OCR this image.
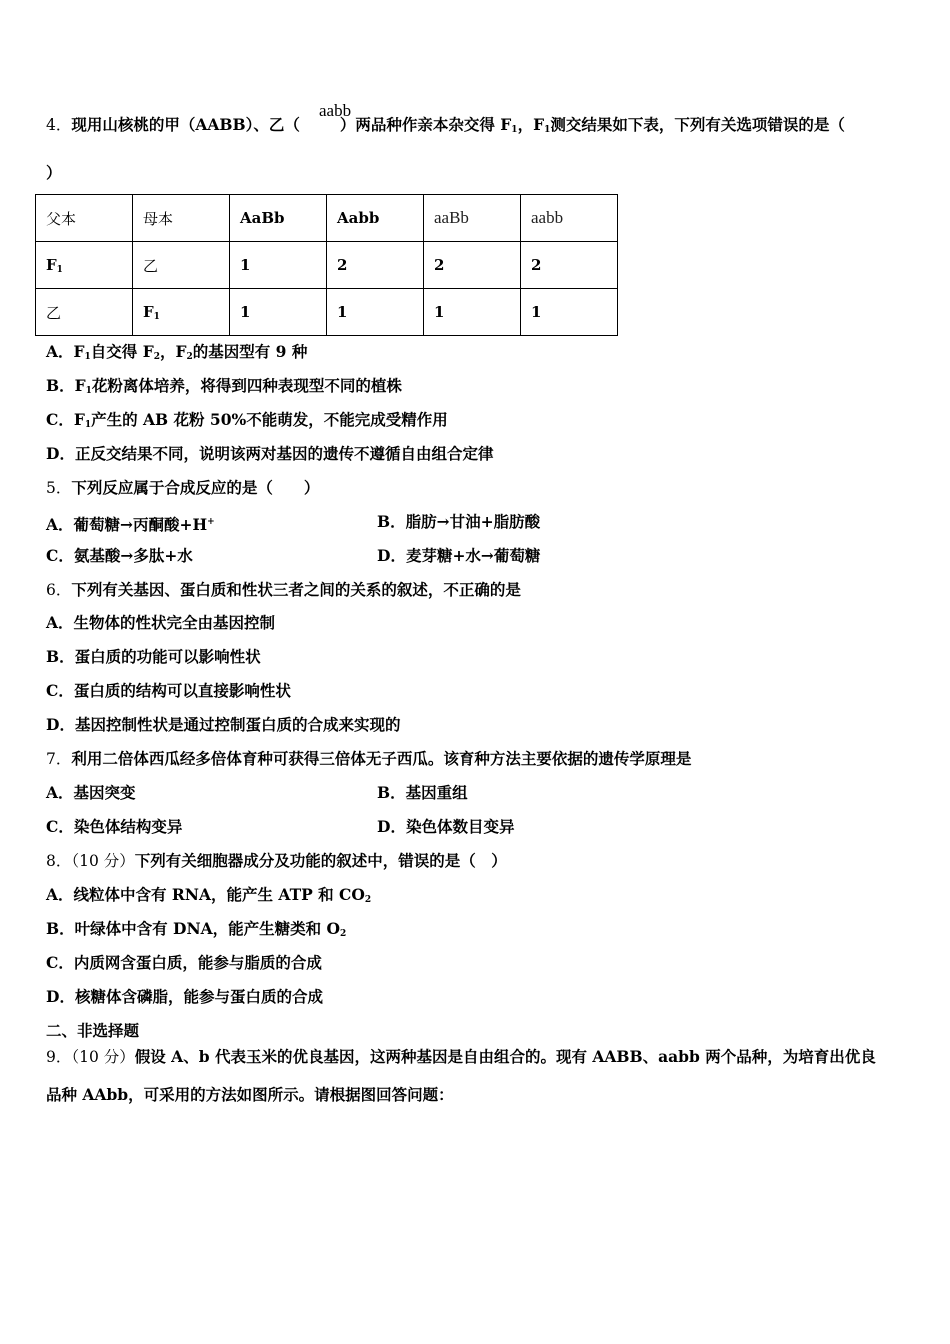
4．现用山核桃的甲（AABB）、乙（	）两品种作亲本杂交得 F1，F1测交结果如下表，下列有关选项错误的是（
aabb
）
父本	母本	AaBb	Aabb	aaBb	aabb
F1	乙	1	2	2	2
乙	F1	1	1	1	1
A．F1自交得 F2，F2的基因型有 9 种
B．F1花粉离体培养，将得到四种表现型不同的植株
C．F1产生的 AB 花粉 50%不能萌发，不能完成受精作用
D．正反交结果不同，说明该两对基因的遗传不遵循自由组合定律
5．下列反应属于合成反应的是（　　）
A．葡萄糖→丙酮酸+H+	B．脂肪→甘油+脂肪酸
C．氨基酸→多肽+水	D．麦芽糖+水→葡萄糖
6．下列有关基因、蛋白质和性状三者之间的关系的叙述，不正确的是
A．生物体的性状完全由基因控制
B．蛋白质的功能可以影响性状
C．蛋白质的结构可以直接影响性状
D．基因控制性状是通过控制蛋白质的合成来实现的
7．利用二倍体西瓜经多倍体育种可获得三倍体无子西瓜。该育种方法主要依据的遗传学原理是
A．基因突变	B．基因重组
C．染色体结构变异	D．染色体数目变异
8．（10 分）下列有关细胞器成分及功能的叙述中，错误的是（　）
A．线粒体中含有 RNA，能产生 ATP 和 CO2
B．叶绿体中含有 DNA，能产生糖类和 O2
C．内质网含蛋白质，能参与脂质的合成
D．核糖体含磷脂，能参与蛋白质的合成
二、非选择题
9．（10 分）假设 A、b 代表玉米的优良基因，这两种基因是自由组合的。现有 AABB、aabb 两个品种，为培育出优良
品种 AAbb，可采用的方法如图所示。请根据图回答问题：
